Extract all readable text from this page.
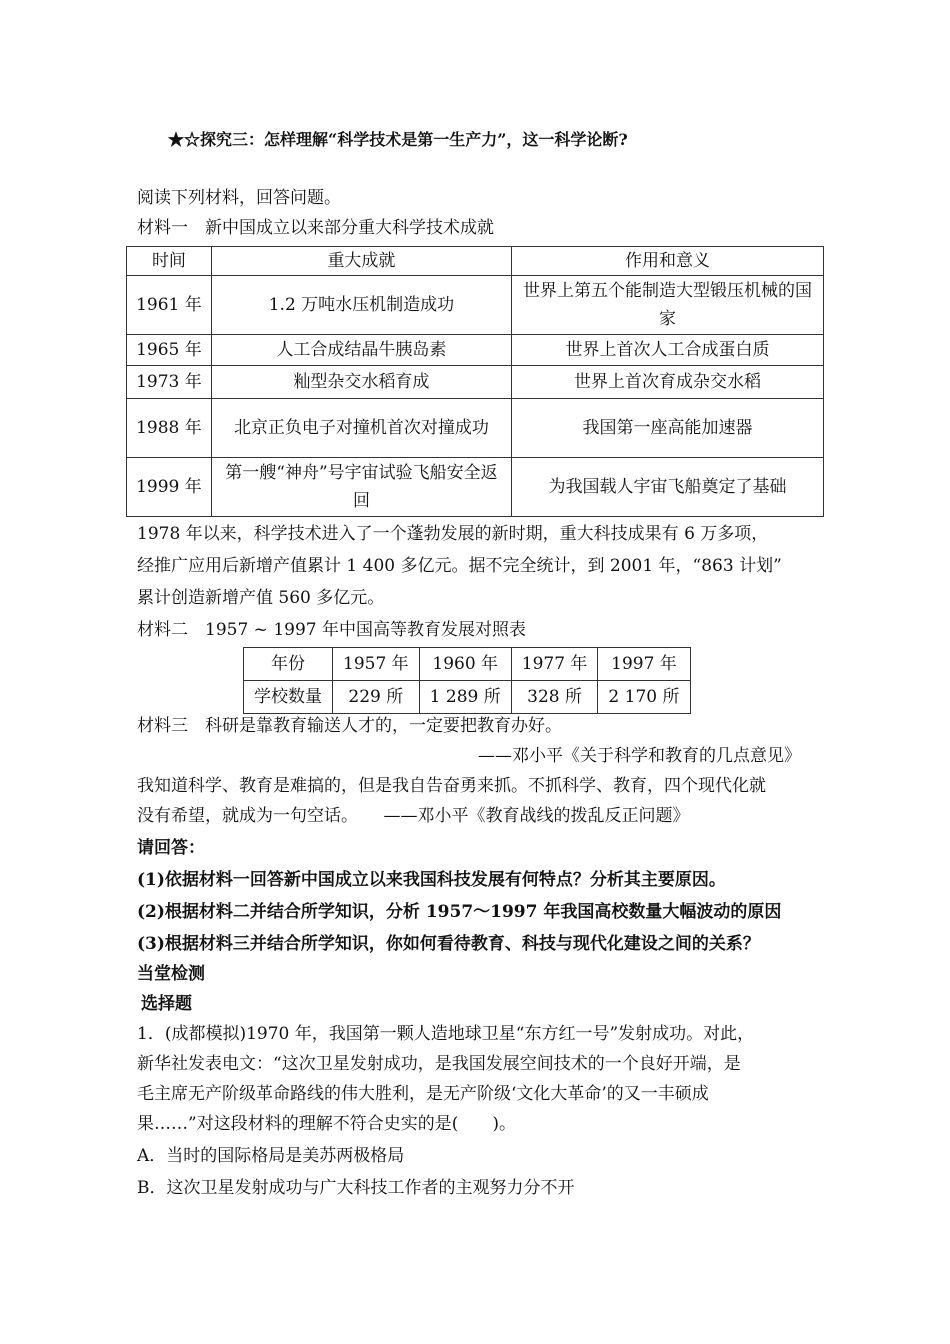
★☆探究三：怎样理解“科学技术是第一生产力”，这一科学论断?
阅读下列材料，回答问题。
材料一　新中国成立以来部分重大科学技术成就
时间	重大成就	作用和意义
1961 年	1.2 万吨水压机制造成功	世界上第五个能制造大型锻压机械的国家
1965 年	人工合成结晶牛胰岛素	世界上首次人工合成蛋白质
1973 年	籼型杂交水稻育成	世界上首次育成杂交水稻
1988 年	北京正负电子对撞机首次对撞成功	我国第一座高能加速器
1999 年	第一艘“神舟”号宇宙试验飞船安全返回	为我国载人宇宙飞船奠定了基础
1978 年以来，科学技术进入了一个蓬勃发展的新时期，重大科技成果有 6 万多项，
经推广应用后新增产值累计 1 400 多亿元。据不完全统计，到 2001 年，“863 计划”
累计创造新增产值 560 多亿元。
材料二　1957 ~ 1997 年中国高等教育发展对照表
年份	1957 年	1960 年	1977 年	1997 年
学校数量	229 所	1 289 所	328 所	2 170 所
材料三　科研是靠教育输送人才的，一定要把教育办好。
——邓小平《关于科学和教育的几点意见》
我知道科学、教育是难搞的，但是我自告奋勇来抓。不抓科学、教育，四个现代化就
没有希望，就成为一句空话。　　——邓小平《教育战线的拨乱反正问题》
请回答：
(1)依据材料一回答新中国成立以来我国科技发展有何特点？分析其主要原因。
(2)根据材料二并结合所学知识，分析 1957～1997 年我国高校数量大幅波动的原因
(3)根据材料三并结合所学知识，你如何看待教育、科技与现代化建设之间的关系？
当堂检测
选择题
1．(成都模拟)1970 年，我国第一颗人造地球卫星“东方红一号”发射成功。对此，
新华社发表电文：“这次卫星发射成功，是我国发展空间技术的一个良好开端，是
毛主席无产阶级革命路线的伟大胜利，是无产阶级‘文化大革命’的又一丰硕成
果……”对这段材料的理解不符合史实的是(　　)。
A．当时的国际格局是美苏两极格局
B．这次卫星发射成功与广大科技工作者的主观努力分不开
